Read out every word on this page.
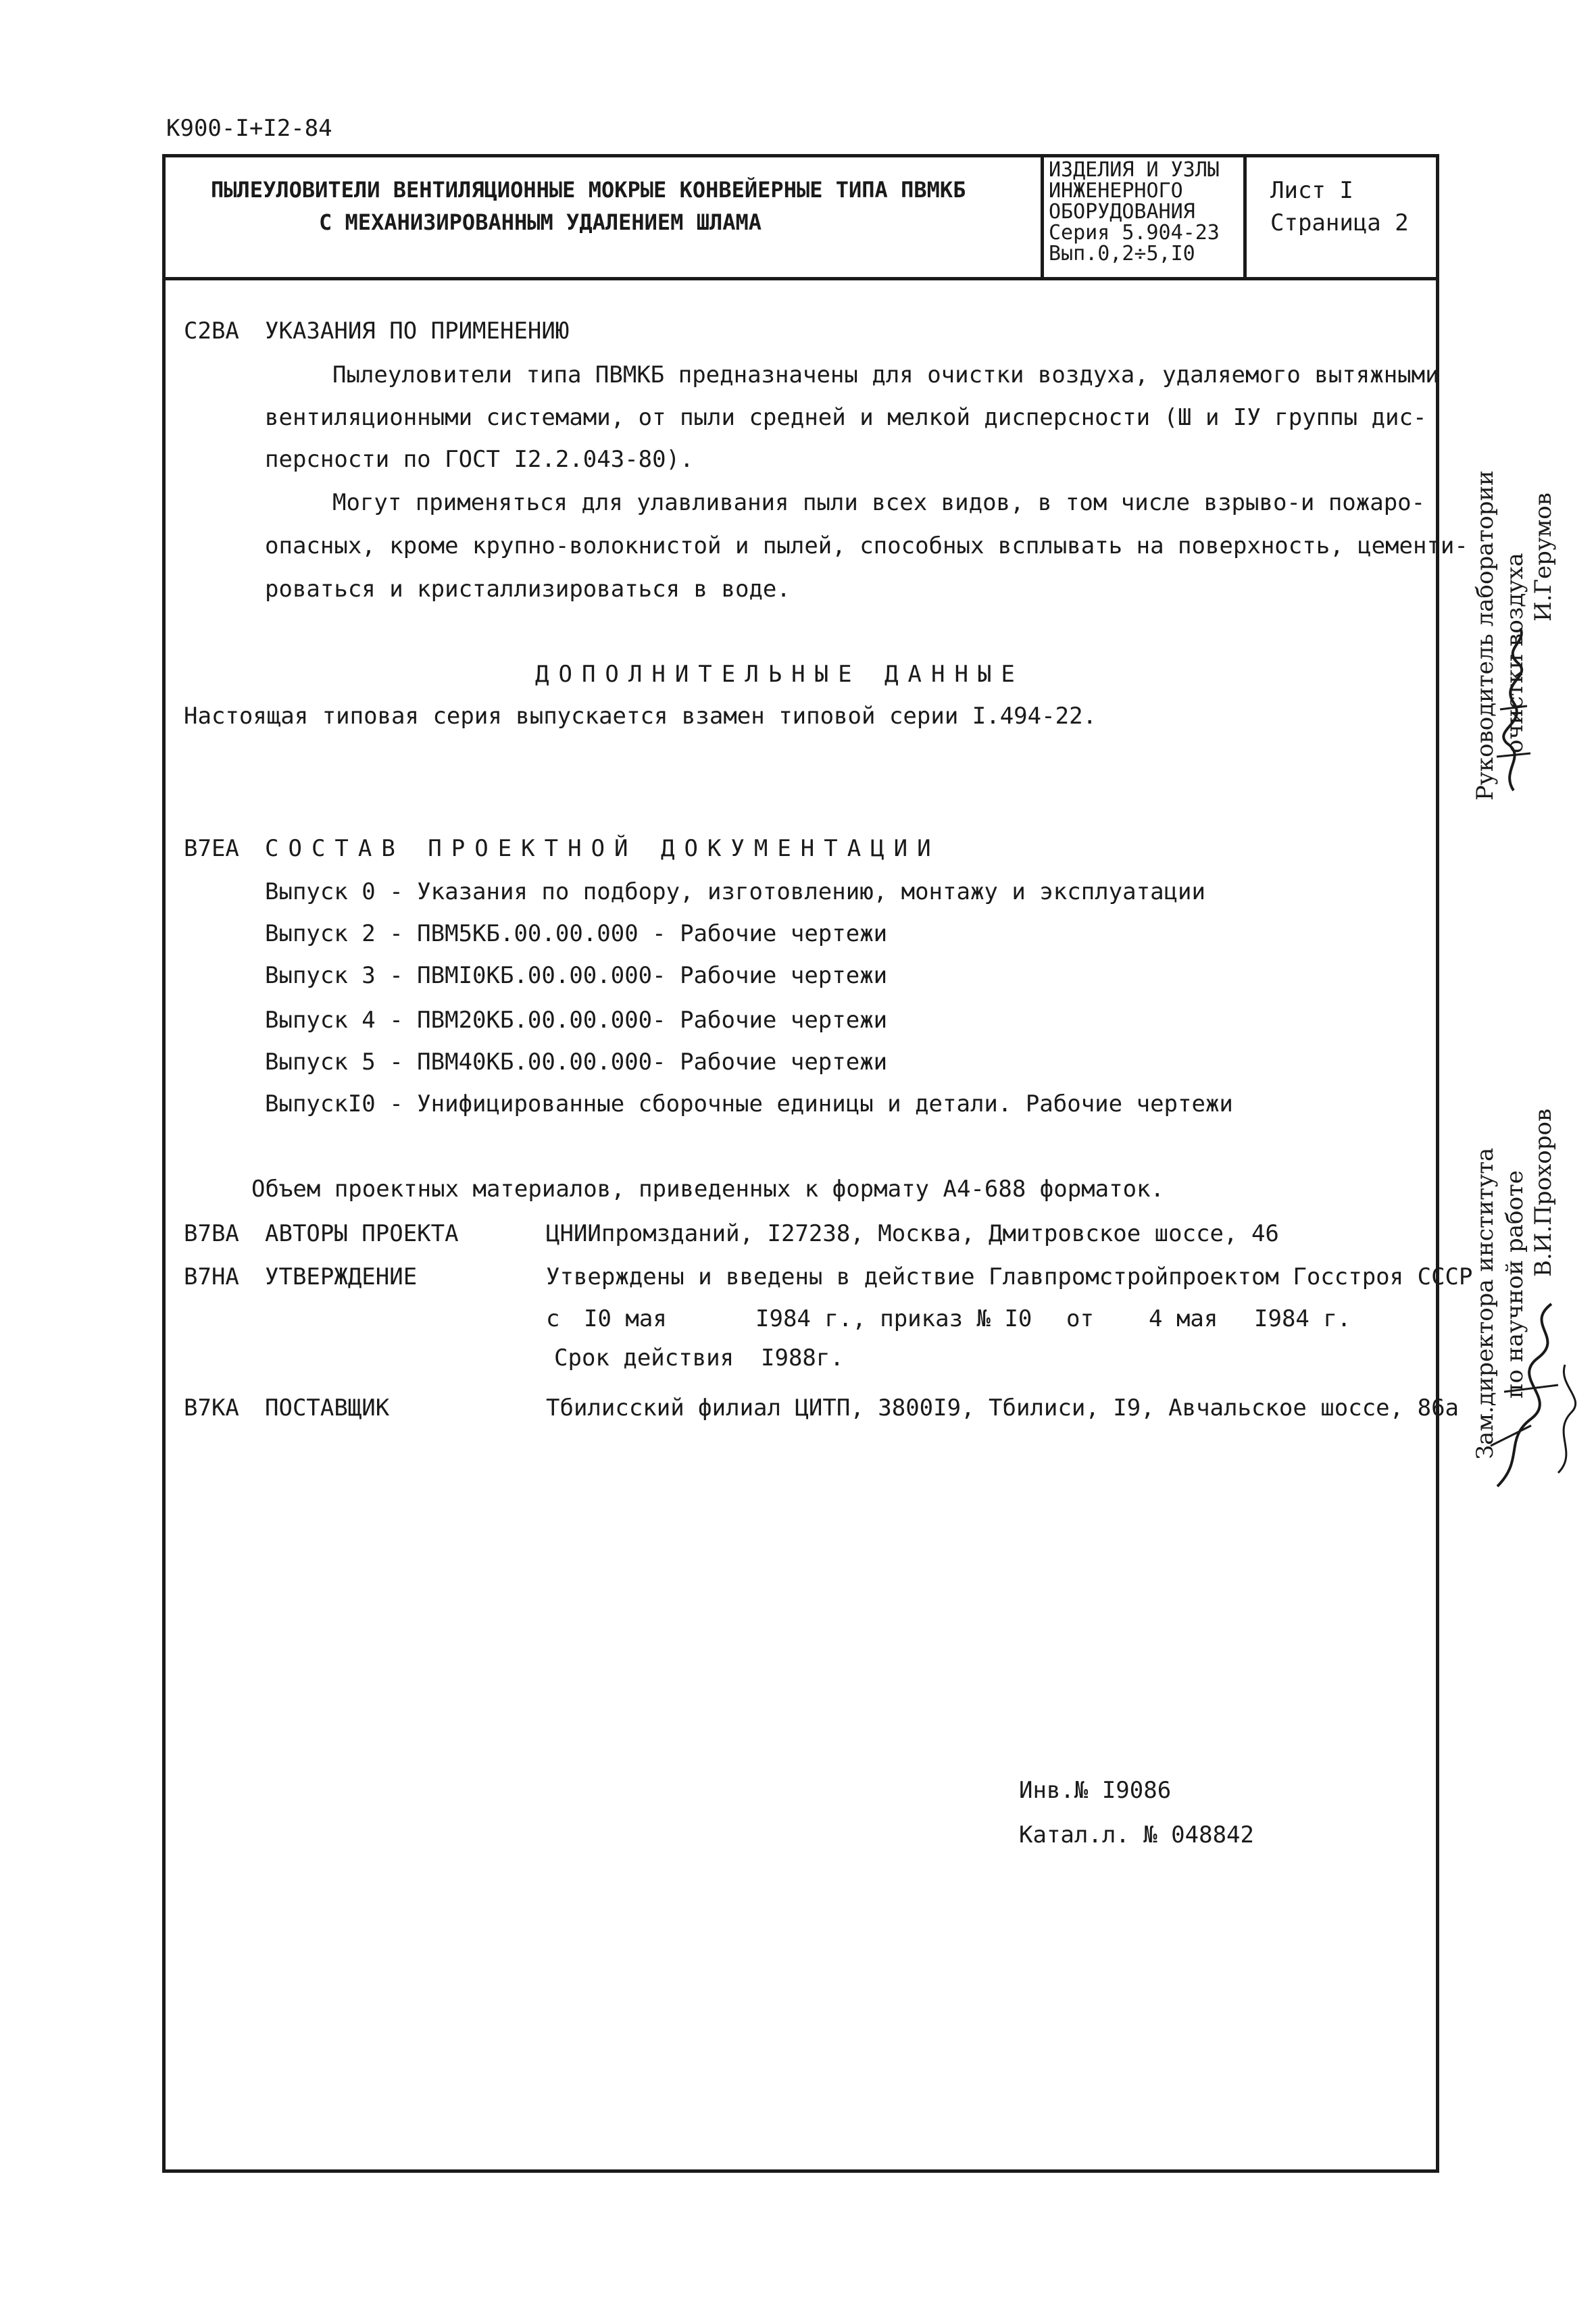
К900-I+I2-84
ПЫЛЕУЛОВИТЕЛИ ВЕНТИЛЯЦИОННЫЕ МОКРЫЕ КОНВЕЙЕРНЫЕ ТИПА ПВМКБ
С МЕХАНИЗИРОВАННЫМ УДАЛЕНИЕМ ШЛАМА
ИЗДЕЛИЯ И УЗЛЫ
ИНЖЕНЕРНОГО
ОБОРУДОВАНИЯ
Серия 5.904-23
Вып.0,2÷5,I0
Лист I
Страница 2
С2ВА УКАЗАНИЯ ПО ПРИМЕНЕНИЮ
Пылеуловители типа ПВМКБ предназначены для очистки воздуха, удаляемого вытяжными
вентиляционными системами, от пыли средней и мелкой дисперсности (Ш и IУ группы дис-
персности по ГОСТ I2.2.043-80).
Могут применяться для улавливания пыли всех видов, в том числе взрыво-и пожаро-
опасных, кроме крупно-волокнистой и пылей, способных всплывать на поверхность, цементи-
роваться и кристаллизироваться в воде.
ДОПОЛНИТЕЛЬНЫЕ ДАННЫЕ
Настоящая типовая серия выпускается взамен типовой серии I.494-22.
В7ЕА СОСТАВ ПРОЕКТНОЙ ДОКУМЕНТАЦИИ
Выпуск 0 - Указания по подбору, изготовлению, монтажу и эксплуатации
Выпуск 2 - ПВМ5КБ.00.00.000 - Рабочие чертежи
Выпуск 3 - ПВМI0КБ.00.00.000- Рабочие чертежи
Выпуск 4 - ПВМ20КБ.00.00.000- Рабочие чертежи
Выпуск 5 - ПВМ40КБ.00.00.000- Рабочие чертежи
ВыпускI0 - Унифицированные сборочные единицы и детали. Рабочие чертежи
Объем проектных материалов, приведенных к формату А4-688 форматок.
В7ВА АВТОРЫ ПРОЕКТА	ЦНИИпромзданий, I27238, Москва, Дмитровское шоссе, 46
В7НА УТВЕРЖДЕНИЕ	Утверждены и введены в действие Главпромстройпроектом Госстроя СССР
с I0 мая	I984 г., приказ № I0 от 4 мая I984 г.
Срок действия I988г.
В7КА ПОСТАВЩИК	Тбилисский филиал ЦИТП, 3800I9, Тбилиси, I9, Авчальское шоссе, 86а
Инв.№ I9086
Катал.л. № 048842
Руководитель лаборатории очистки воздуха И.Герумов
Зам.директора института по научной работе В.И.Прохоров
